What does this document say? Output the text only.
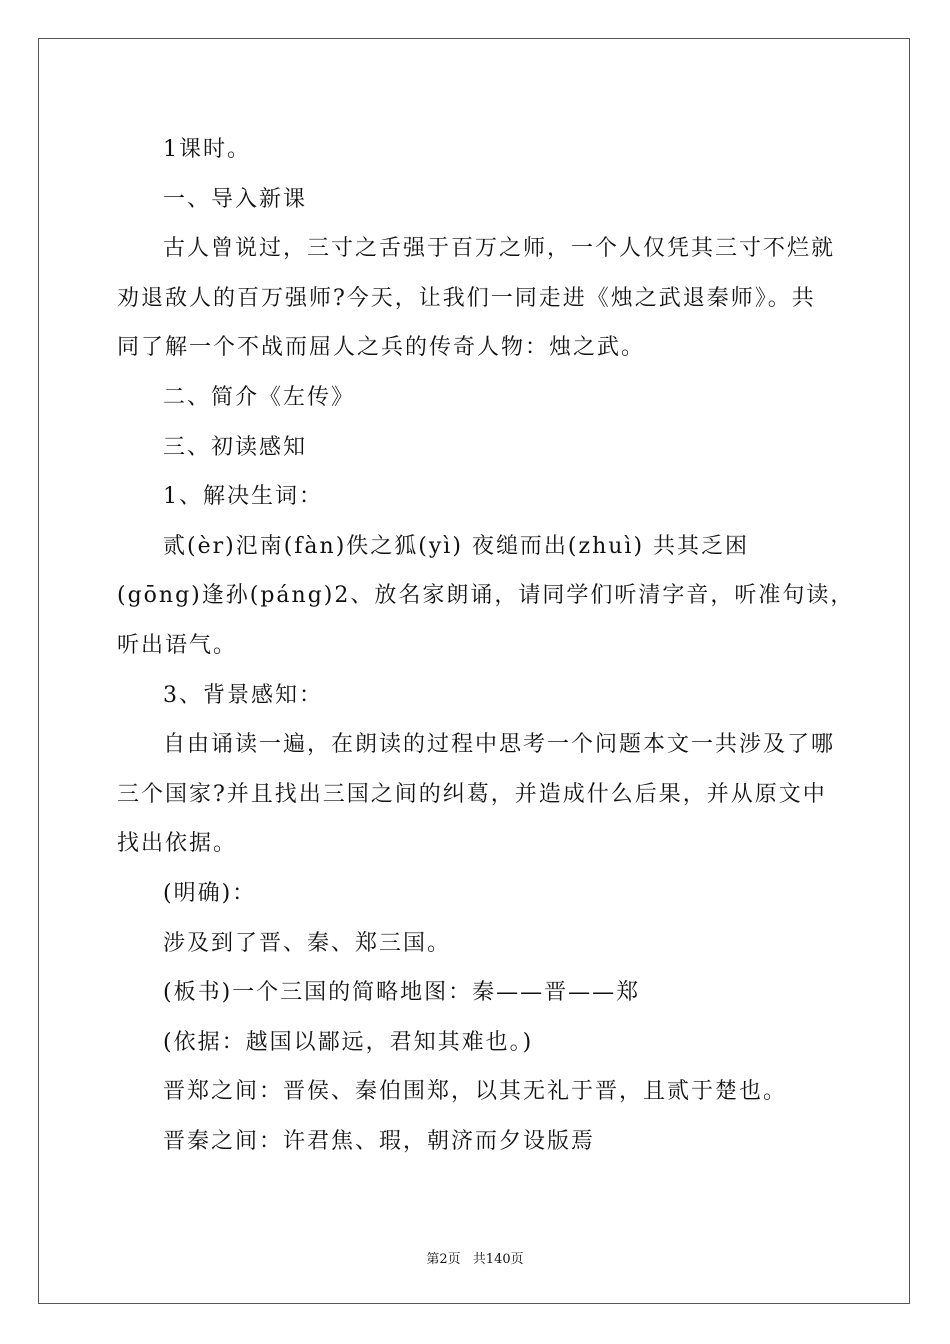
1课时。
一、导入新课
古人曾说过，三寸之舌强于百万之师，一个人仅凭其三寸不烂就
劝退敌人的百万强师?今天，让我们一同走进《烛之武退秦师》。共
同了解一个不战而屈人之兵的传奇人物：烛之武。
二、简介《左传》
三、初读感知
1、解决生词：
贰(èr)氾南(fàn)佚之狐(yì) 夜缒而出(zhuì) 共其乏困
(gōng)逢孙(páng)2、放名家朗诵，请同学们听清字音，听准句读，
听出语气。
3、背景感知：
自由诵读一遍，在朗读的过程中思考一个问题本文一共涉及了哪
三个国家?并且找出三国之间的纠葛，并造成什么后果，并从原文中
找出依据。
(明确)：
涉及到了晋、秦、郑三国。
(板书)一个三国的简略地图：秦——晋——郑
(依据：越国以鄙远，君知其难也。)
晋郑之间：晋侯、秦伯围郑，以其无礼于晋，且贰于楚也。
晋秦之间：许君焦、瑕，朝济而夕设版焉
第2页 共140页
